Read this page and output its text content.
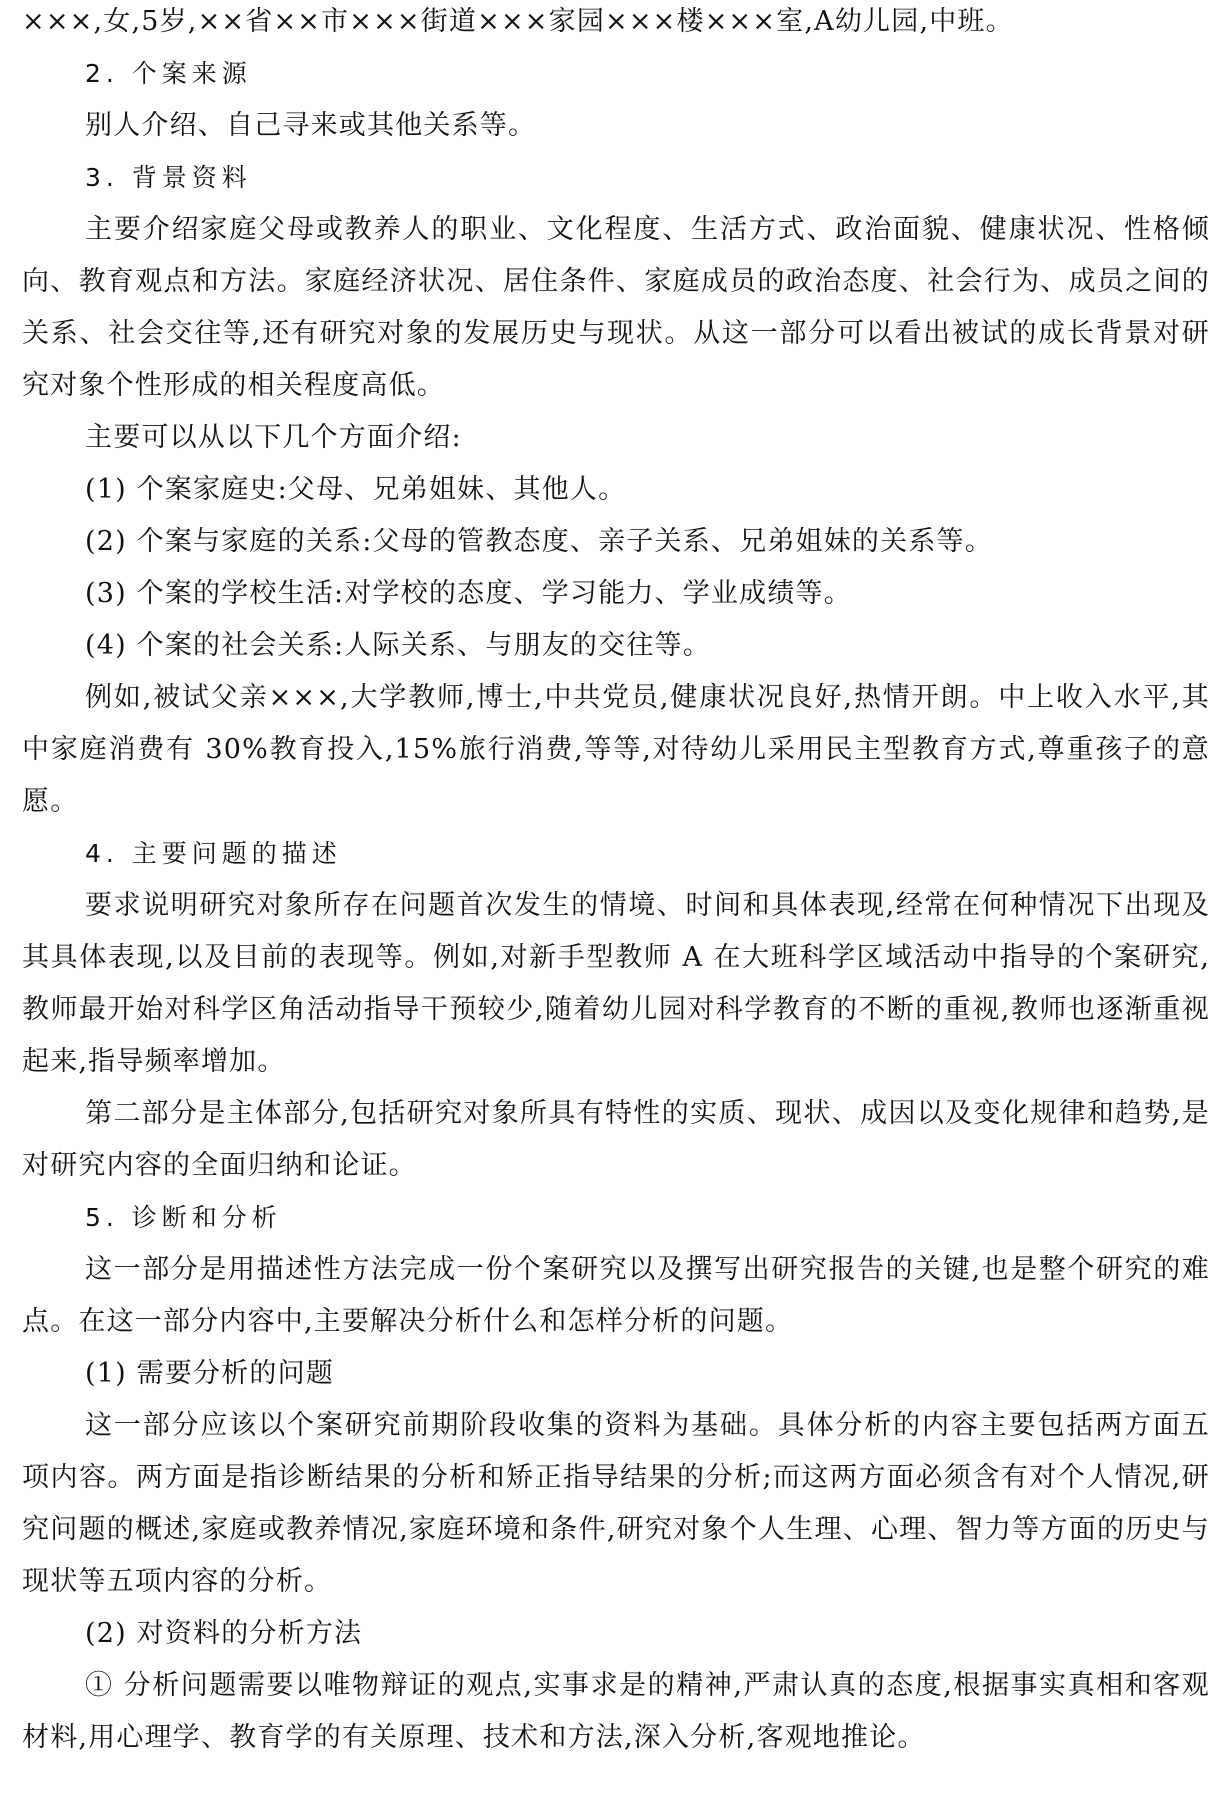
×××,女,5岁,××省××市×××街道×××家园×××楼×××室,A幼儿园,中班。
2. 个案来源
别人介绍、自己寻来或其他关系等。
3. 背景资料

主要介绍家庭父母或教养人的职业、文化程度、生活方式、政治面貌、健康状况、性格倾向、教育观点和方法。家庭经济状况、居住条件、家庭成员的政治态度、社会行为、成员之间的关系、社会交往等,还有研究对象的发展历史与现状。从这一部分可以看出被试的成长背景对研究对象个性形成的相关程度高低。

主要可以从以下几个方面介绍:
(1) 个案家庭史:父母、兄弟姐妹、其他人。
(2) 个案与家庭的关系:父母的管教态度、亲子关系、兄弟姐妹的关系等。
(3) 个案的学校生活:对学校的态度、学习能力、学业成绩等。
(4) 个案的社会关系:人际关系、与朋友的交往等。

例如,被试父亲×××,大学教师,博士,中共党员,健康状况良好,热情开朗。中上收入水平,其中家庭消费有 30%教育投入,15%旅行消费,等等,对待幼儿采用民主型教育方式,尊重孩子的意愿。

4. 主要问题的描述

要求说明研究对象所存在问题首次发生的情境、时间和具体表现,经常在何种情况下出现及其具体表现,以及目前的表现等。例如,对新手型教师 A 在大班科学区域活动中指导的个案研究,教师最开始对科学区角活动指导干预较少,随着幼儿园对科学教育的不断的重视,教师也逐渐重视起来,指导频率增加。

第二部分是主体部分,包括研究对象所具有特性的实质、现状、成因以及变化规律和趋势,是对研究内容的全面归纳和论证。

5. 诊断和分析

这一部分是用描述性方法完成一份个案研究以及撰写出研究报告的关键,也是整个研究的难点。在这一部分内容中,主要解决分析什么和怎样分析的问题。

(1) 需要分析的问题

这一部分应该以个案研究前期阶段收集的资料为基础。具体分析的内容主要包括两方面五项内容。两方面是指诊断结果的分析和矫正指导结果的分析;而这两方面必须含有对个人情况,研究问题的概述,家庭或教养情况,家庭环境和条件,研究对象个人生理、心理、智力等方面的历史与现状等五项内容的分析。

(2) 对资料的分析方法

① 分析问题需要以唯物辩证的观点,实事求是的精神,严肃认真的态度,根据事实真相和客观材料,用心理学、教育学的有关原理、技术和方法,深入分析,客观地推论。
